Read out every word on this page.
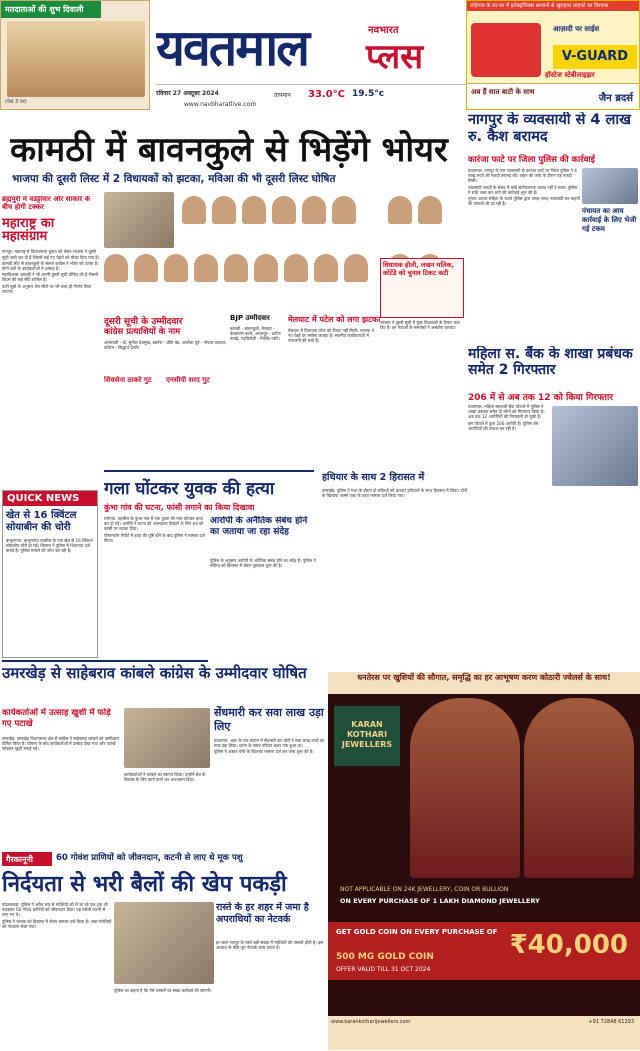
मतदाताओं की शुभ दिवाली
(पेज 3 पर)
यवतमाल	नवभारत
प्लस
रविवार 27 अक्टूबर 2024
www.navbharatlive.com
तापमान 33.0°C 19.5°c
लोहेगांव के घर-घर में इलेक्ट्रॉनिक्स सामानों से खुशहाल ग्राहकों का विश्वास
आज़ादी पर साईस
V-GUARD
हॉस्टेज स्टेबीलाइझर
अब हैं सात बाटी के साथ
जैन ब्रदर्स
कामठी में बावनकुले से भिड़ेंगे भोयर
भाजपा की दूसरी लिस्ट में 2 विधायकों को झटका, मविआ की भी दूसरी लिस्ट घोषित
ब्रह्मपुरी में वडेट्टीवार और साकारे के बीच होगी टक्कर
महाराष्ट्र का महासंग्राम

नागपुर. महाराष्ट्र में विधानसभा चुनाव को लेकर भाजपा ने दूसरी सूची जारी कर दी है जिसमें कई नए चेहरों को मौका दिया गया है।

कामठी सीट से बावनकुले के सामने कांग्रेस ने भोयर को उतारा है। दोनों दलों के कार्यकर्ताओं में उत्साह है।

महाविकास आघाड़ी ने भी अपनी दूसरी सूची घोषित की है जिसमें विदर्भ की कई सीटें शामिल हैं।

पार्टी सूत्रों के अनुसार शेष सीटों पर भी जल्द ही निर्णय लिया जाएगा।

दूसरी सूची के उम्मीदवार
कांग्रेस प्रत्याशियों के नाम

अमरावती - डॉ. सुनील देशमुख, बडनेरा - प्रीति बंड, अकोला पूर्व - गोपाल दातकर, वाशिम - सिद्धार्थ देवले।

शिवसेना ठाकरे गुट	एनसीपी शरद गुट
BJP उम्मीदवार

कामठी - बावनकुले, मेलघाट - केवलराम काले, अचलपुर - प्रवीण तायडे, गढ़चिरोली - मिलिंद नरोटे।

मेलघाट में पटेल को लगा झटका

मेलघाट में विधायक पटेल को टिकट नहीं मिली। भाजपा ने नए चेहरे पर भरोसा जताया है। स्थानीय कार्यकर्ताओं में नाराजगी की चर्चा है।

विधायक होली, लखन मलिक, कोटेंडे को चुनाव टिकट कटी

भाजपा ने दूसरी सूची में कुछ विधायकों के टिकट काट दिए हैं। इन नेताओं के समर्थकों ने असंतोष जताया।

QUICK NEWS
खेत से 16 क्विंटल सोयाबीन की चोरी

बाभुलगांव. बाभुलगांव तहसील के एक खेत से 16 क्विंटल सोयाबीन चोरी हो गई। किसान ने पुलिस में शिकायत दर्ज कराई है। पुलिस मामले की जांच कर रही है।

नागपुर के व्यवसायी से 4 लाख रु. कैश बरामद
कारंजा फाटे पर जिला पुलिस की कार्रवाई

यवतमाल. नागपुर के एक व्यवसायी से कारंजा फाटे पर जिला पुलिस ने 4 लाख रुपये की नकदी बरामद की। वाहन की जांच के दौरान यह नकदी मिली।

व्यवसायी नकदी के संबंध में कोई संतोषजनक जवाब नहीं दे सका। पुलिस ने राशि जब्त कर आगे की कार्रवाई शुरू की है।

चुनाव आचार संहिता के चलते पुलिस द्वारा जगह-जगह नाकाबंदी कर वाहनों की तलाशी ली जा रही है।

पंचायत का आय कार्रवाई के लिए भेजी गई टकम
महिला स. बैंक के शाखा प्रबंधक समेत 2 गिरफ्तार
206 में से अब तक 12 को किया गिरफ्तार

यवतमाल. महिला सहकारी बैंक घोटाले में पुलिस ने शाखा प्रबंधक समेत दो लोगों को गिरफ्तार किया है। अब तक 12 आरोपियों की गिरफ्तारी हो चुकी है।

इस घोटाले में कुल 206 आरोपी हैं। पुलिस शेष आरोपियों की तलाश कर रही है।

गला घोंटकर युवक की हत्या
कुंभा गांव की घटना, फांसी लगाने का किया दिखावा
आरोपी के अनैतिक संबंध होने का जताया जा रहा संदेह

मारेगांव. तहसील के कुंभा गांव में एक युवक की गला घोंटकर हत्या कर दी गई। आरोपी ने घटना को आत्महत्या दिखाने के लिए शव को फांसी पर लटका दिया।

पोस्टमार्टम रिपोर्ट में हत्या की पुष्टि होने के बाद पुलिस ने मामला दर्ज किया।

पुलिस के अनुसार आरोपी के अनैतिक संबंध होने का संदेह है। पुलिस ने संदिग्ध को हिरासत में लेकर पूछताछ शुरू की है।

हथियार के साथ 2 हिरासत में

उमरखेड़. पुलिस ने गश्त के दौरान दो संदिग्धों को धारदार हथियारों के साथ हिरासत में लिया। दोनों के खिलाफ आर्म्स एक्ट के तहत मामला दर्ज किया गया।

धनतेरस पर खुशियों की सौगात, समृद्धि का हर आभूषण करण कोठारी ज्वेलर्स के साथ!
KARAN KOTHARI JEWELLERS
NOT APPLICABLE ON 24K JEWELLERY, COIN OR BULLION
ON EVERY PURCHASE OF 1 LAKH DIAMOND JEWELLERY
GET GOLD COIN ON EVERY PURCHASE OF ₹40,000
500 MG GOLD COIN
OFFER VALID TILL 31 OCT 2024
www.karankotharijewellers.com	+91 72848 61293
उमरखेड़ से साहेबराव कांबले कांग्रेस के उम्मीदवार घोषित
कार्यकर्ताओं में उत्साह खुशी में फोड़े गए पटाखे

उमरखेड़. उमरखेड़ विधानसभा क्षेत्र से कांग्रेस ने साहेबराव कांबले को उम्मीदवार घोषित किया है। घोषणा के बाद कार्यकर्ताओं में उत्साह देखा गया और पटाखे फोड़कर खुशी मनाई गई।

कार्यकर्ताओं ने कांबले का स्वागत किया। उन्होंने क्षेत्र के विकास के लिए कार्य करने का आश्वासन दिया।

सेंधमारी कर सवा लाख उड़ा लिए

यवतमाल. शहर के एक मकान में सेंधमारी कर चोरों ने सवा लाख रुपये का माल उड़ा लिया। घटना के समय परिवार बाहर गया हुआ था।

पुलिस ने अज्ञात चोरों के खिलाफ मामला दर्ज कर जांच शुरू की है।

गैरकानूनी	60 गोवंश प्राणियों को जीवनदान, कटनी से लाए थे मूक पशु
निर्दयता से भरी बैलों की खेप पकड़ी

पांढरकवड़ा. पुलिस ने अवैध रूप से मवेशियों को ले जा रहे एक ट्रक को पकड़कर 60 गोवंश प्राणियों को जीवनदान दिया। यह मवेशी कटनी से लाए गए थे।

पुलिस ने चालक को हिरासत में लेकर मामला दर्ज किया है। जब्त मवेशियों को गोशाला भेजा गया।

रास्ते के हर शहर में जमा है अपराधियों का नेटवर्क

हर साल नागपुर के रास्ते बड़ी संख्या में मवेशियों की तस्करी होती है। इस अपराध के पीछे पूरा नेटवर्क काम करता है।

पुलिस का कहना है कि ऐसे तस्करों पर सख्त कार्रवाई की जाएगी।
